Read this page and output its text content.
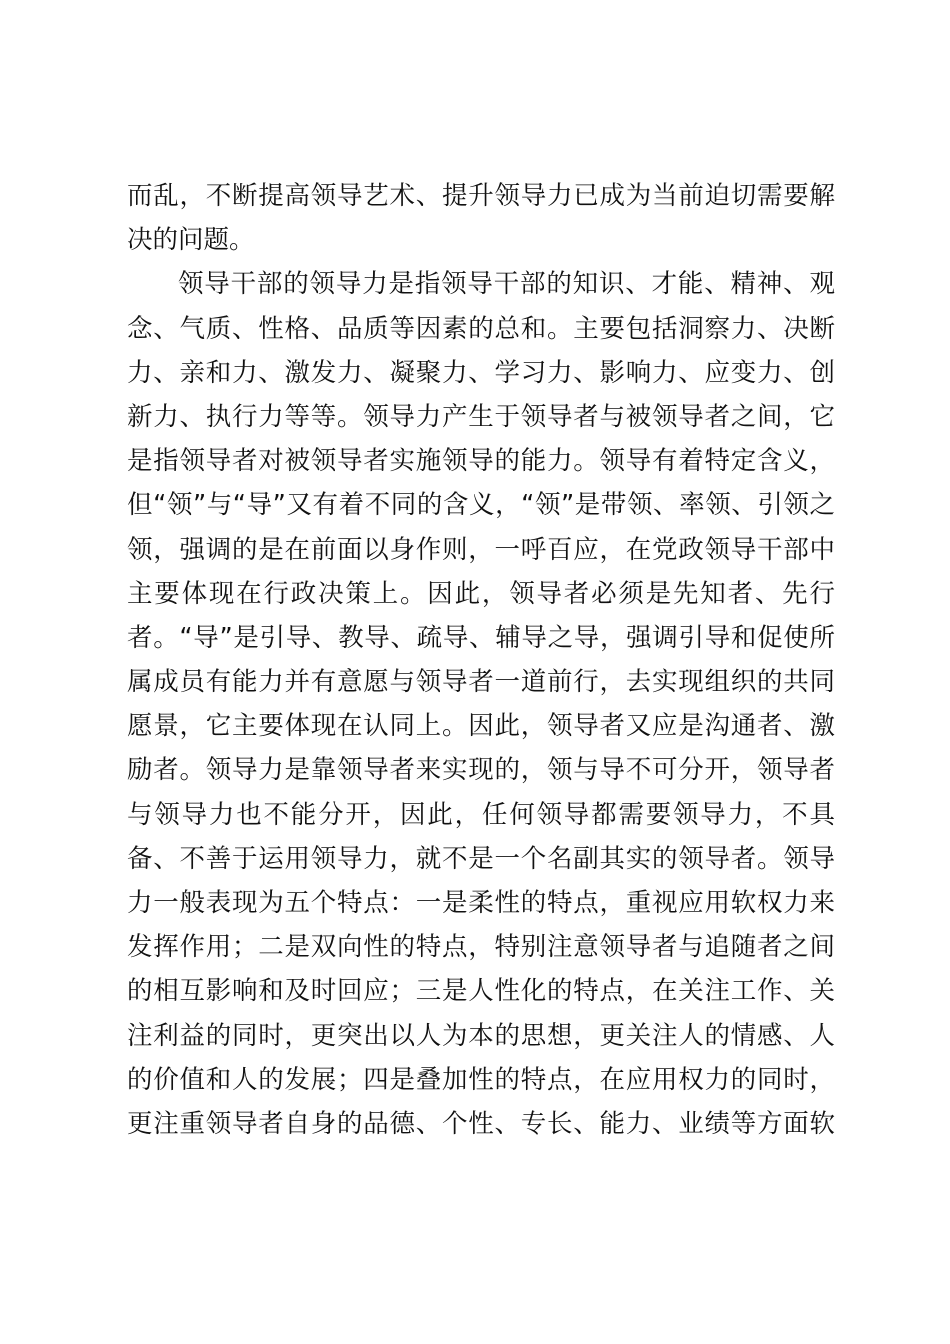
而乱，不断提高领导艺术、提升领导力已成为当前迫切需要解
决的问题。
领导干部的领导力是指领导干部的知识、才能、精神、观
念、气质、性格、品质等因素的总和。主要包括洞察力、决断
力、亲和力、激发力、凝聚力、学习力、影响力、应变力、创
新力、执行力等等。领导力产生于领导者与被领导者之间，它
是指领导者对被领导者实施领导的能力。领导有着特定含义，
但“领”与“导”又有着不同的含义，“领”是带领、率领、引领之
领，强调的是在前面以身作则，一呼百应，在党政领导干部中
主要体现在行政决策上。因此，领导者必须是先知者、先行
者。“导”是引导、教导、疏导、辅导之导，强调引导和促使所
属成员有能力并有意愿与领导者一道前行，去实现组织的共同
愿景，它主要体现在认同上。因此，领导者又应是沟通者、激
励者。领导力是靠领导者来实现的，领与导不可分开，领导者
与领导力也不能分开，因此，任何领导都需要领导力，不具
备、不善于运用领导力，就不是一个名副其实的领导者。领导
力一般表现为五个特点：一是柔性的特点，重视应用软权力来
发挥作用；二是双向性的特点，特别注意领导者与追随者之间
的相互影响和及时回应；三是人性化的特点，在关注工作、关
注利益的同时，更突出以人为本的思想，更关注人的情感、人
的价值和人的发展；四是叠加性的特点，在应用权力的同时，
更注重领导者自身的品德、个性、专长、能力、业绩等方面软
